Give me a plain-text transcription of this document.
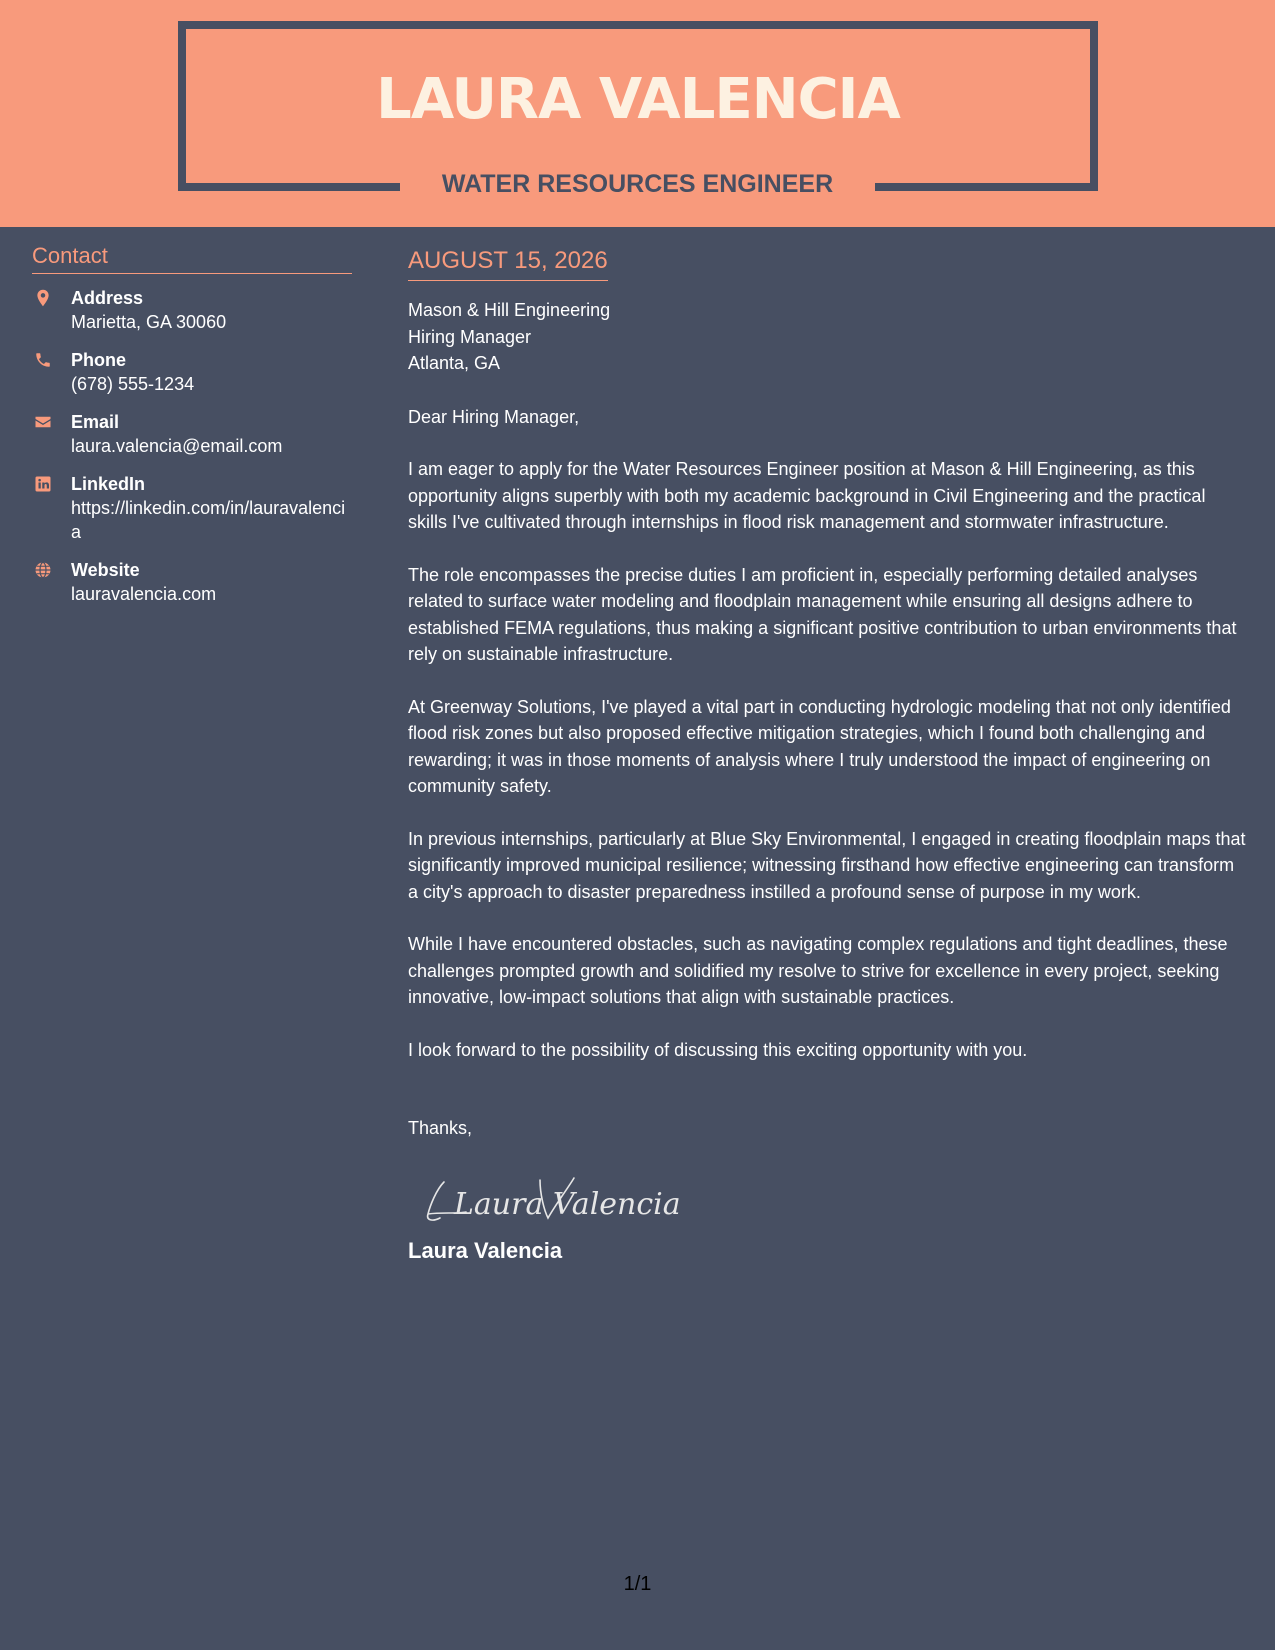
LAURA VALENCIA
WATER RESOURCES ENGINEER
Contact
Address
Marietta, GA 30060
Phone
(678) 555-1234
Email
laura.valencia@email.com
LinkedIn
https://linkedin.com/in/lauravalencia
Website
lauravalencia.com
AUGUST 15, 2026
Mason & Hill Engineering
Hiring Manager
Atlanta, GA

Dear Hiring Manager,

I am eager to apply for the Water Resources Engineer position at Mason & Hill Engineering, as this opportunity aligns superbly with both my academic background in Civil Engineering and the practical skills I've cultivated through internships in flood risk management and stormwater infrastructure.

The role encompasses the precise duties I am proficient in, especially performing detailed analyses related to surface water modeling and floodplain management while ensuring all designs adhere to established FEMA regulations, thus making a significant positive contribution to urban environments that rely on sustainable infrastructure.

At Greenway Solutions, I've played a vital part in conducting hydrologic modeling that not only identified flood risk zones but also proposed effective mitigation strategies, which I found both challenging and rewarding; it was in those moments of analysis where I truly understood the impact of engineering on community safety.

In previous internships, particularly at Blue Sky Environmental, I engaged in creating floodplain maps that significantly improved municipal resilience; witnessing firsthand how effective engineering can transform a city's approach to disaster preparedness instilled a profound sense of purpose in my work.

While I have encountered obstacles, such as navigating complex regulations and tight deadlines, these challenges prompted growth and solidified my resolve to strive for excellence in every project, seeking innovative, low-impact solutions that align with sustainable practices.

I look forward to the possibility of discussing this exciting opportunity with you.

Thanks,

Laura Valencia
Laura Valencia
1/1
